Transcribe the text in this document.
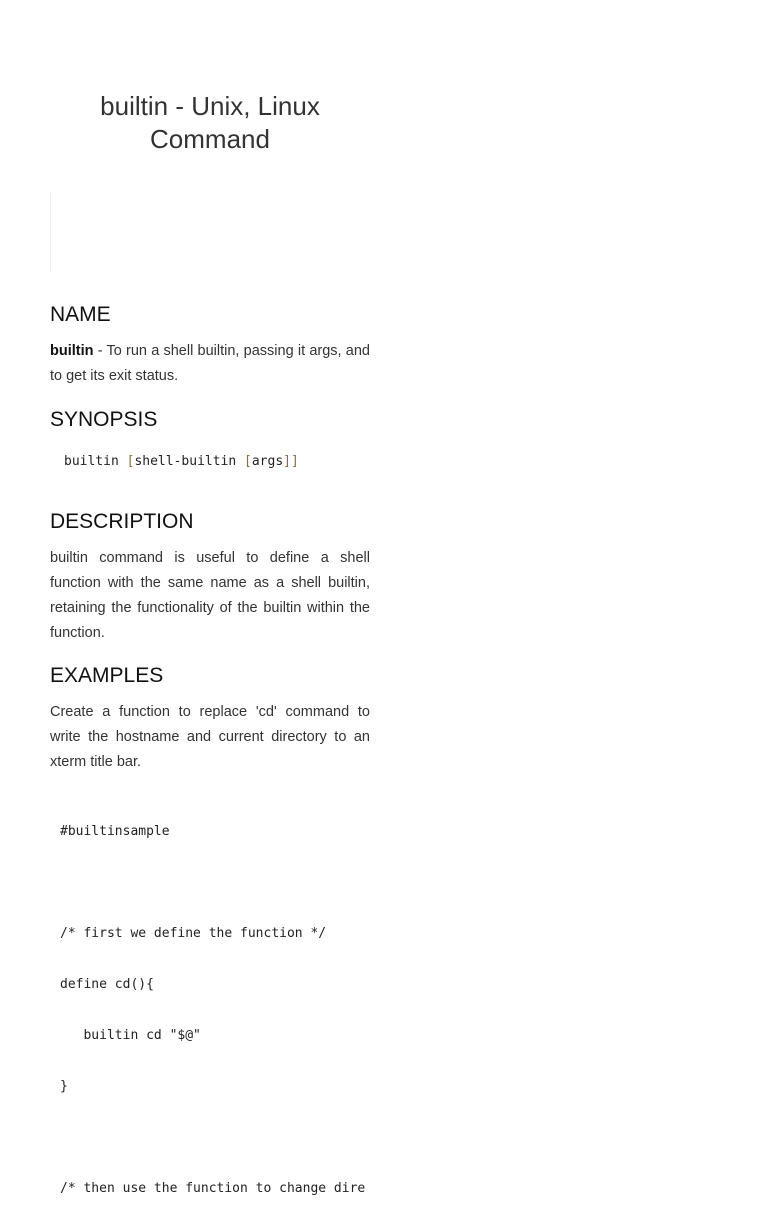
builtin - Unix, Linux Command
NAME

builtin - To run a shell builtin, passing it args, and to get its exit status.

SYNOPSIS
builtin [shell-builtin [args]]
DESCRIPTION

builtin command is useful to define a shell function with the same name as a shell builtin, retaining the functionality of the builtin within the function.

EXAMPLES

Create a function to replace 'cd' command to write the hostname and current directory to an xterm title bar.

#builtinsample

/* first we define the function */

define cd(){

builtin cd "$@"

}

/* then use the function to change dire
